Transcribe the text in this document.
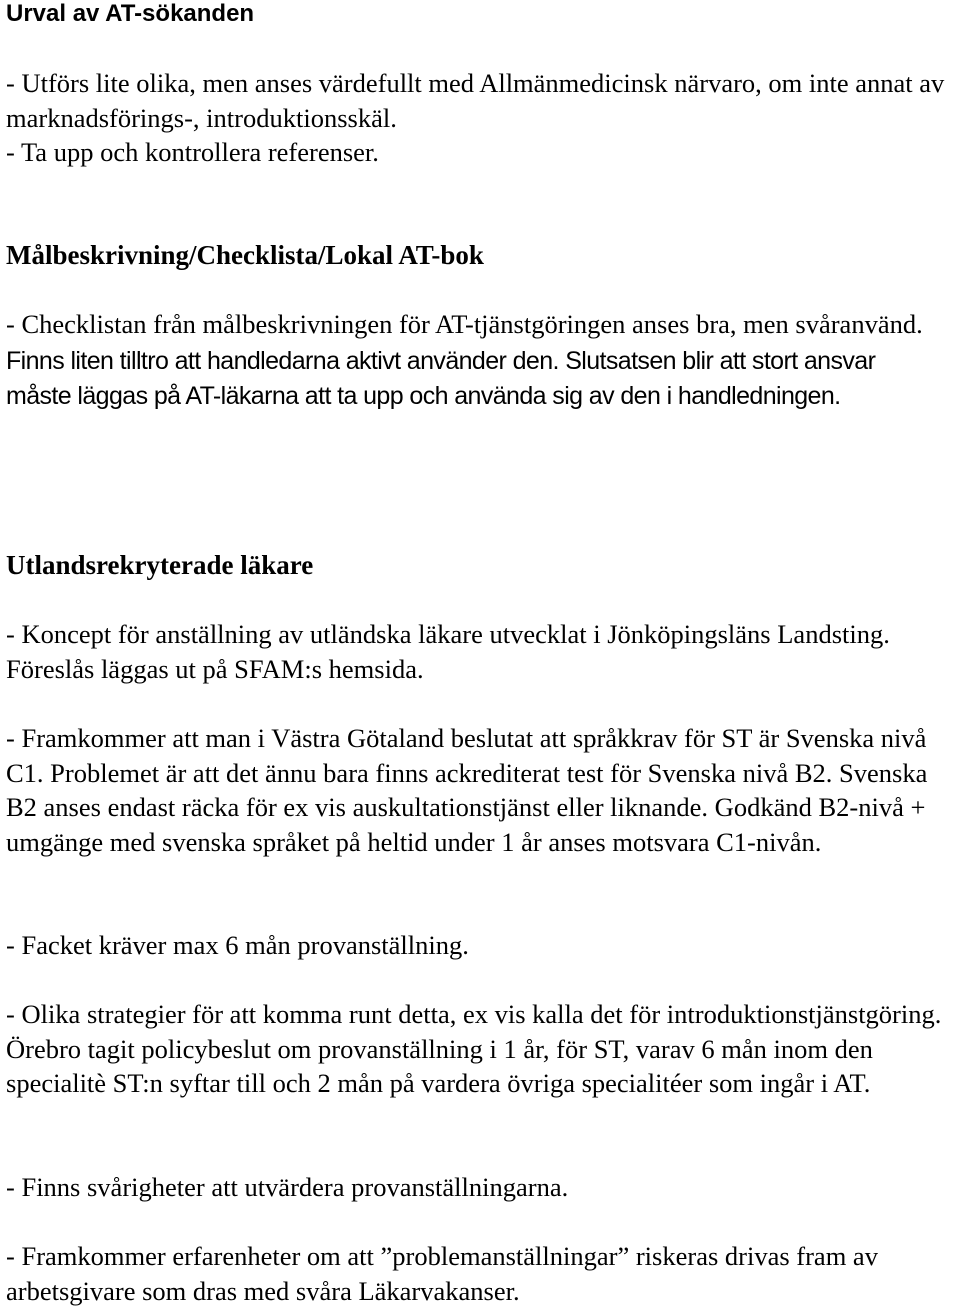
Urval av AT-sökanden

- Utförs lite olika, men anses värdefullt med Allmänmedicinsk närvaro, om inte annat av marknadsförings-, introduktionsskäl.

- Ta upp och kontrollera referenser.

Målbeskrivning/Checklista/Lokal AT-bok

- Checklistan från målbeskrivningen för AT-tjänstgöringen anses bra, men svåranvänd. Finns liten tilltro att handledarna aktivt använder den. Slutsatsen blir att stort ansvar måste läggas på AT-läkarna att ta upp och använda sig av den i handledningen.

Utlandsrekryterade läkare

- Koncept för anställning av utländska läkare utvecklat i Jönköpingsläns Landsting. Föreslås läggas ut på SFAM:s hemsida.

- Framkommer att man i Västra Götaland beslutat att språkkrav för ST är Svenska nivå C1. Problemet är att det ännu bara finns ackrediterat test för Svenska nivå B2. Svenska B2 anses endast räcka för ex vis auskultationstjänst eller liknande. Godkänd B2-nivå + umgänge med svenska språket på heltid under 1 år anses motsvara C1-nivån.

- Facket kräver max 6 mån provanställning.

- Olika strategier för att komma runt detta, ex vis kalla det för introduktionstjänstgöring. Örebro tagit policybeslut om provanställning i 1 år, för ST, varav 6 mån inom den specialitè ST:n syftar till och 2 mån på vardera övriga specialitéer som ingår i AT.

- Finns svårigheter att utvärdera provanställningarna.

- Framkommer erfarenheter om att ”problemanställningar” riskeras drivas fram av arbetsgivare som dras med svåra Läkarvakanser.
